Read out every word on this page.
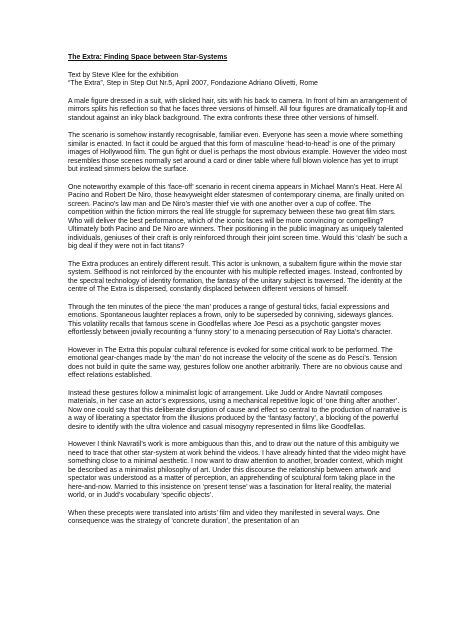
The Extra: Finding Space between Star-Systems
Text by Steve Klee for the exhibition
“The Extra”, Step in Step Out Nr.5, April 2007, Fondazione Adriano Olivetti, Rome

A male figure dressed in a suit, with slicked hair, sits with his back to camera. In front of him an arrangement of mirrors splits his reflection so that he faces three versions of himself. All four figures are dramatically top-lit and standout against an inky black background. The extra confronts these three other versions of himself.

The scenario is somehow instantly recognisable, familiar even. Everyone has seen a movie where something similar is enacted. In fact it could be argued that this form of masculine ‘head-to-head’ is one of the primary images of Hollywood film. The gun fight or duel is perhaps the most obvious example. However the video most resembles those scenes normally set around a card or diner table where full blown violence has yet to irrupt but instead simmers below the surface.

One noteworthy example of this ‘face-off’ scenario in recent cinema appears in Michael Mann’s Heat. Here Al Pacino and Robert De Niro, those heavyweight elder statesmen of contemporary cinema, are finally united on screen. Pacino’s law man and De Niro’s master thief vie with one another over a cup of coffee. The competition within the fiction mirrors the real life struggle for supremacy between these two great film stars. Who will deliver the best performance, which of the iconic faces will be more convincing or compelling? Ultimately both Pacino and De Niro are winners. Their positioning in the public imaginary as uniquely talented individuals, geniuses of their craft is only reinforced through their joint screen time. Would this ‘clash’ be such a big deal if they were not in fact titans?

The Extra produces an entirely different result. This actor is unknown, a subaltern figure within the movie star system. Selfhood is not reinforced by the encounter with his multiple reflected images. Instead, confronted by the spectral technology of identity formation, the fantasy of the unitary subject is traversed. The identity at the centre of The Extra is dispersed, constantly displaced between different versions of himself.

Through the ten minutes of the piece ‘the man’ produces a range of gestural ticks, facial expressions and emotions. Spontaneous laughter replaces a frown, only to be superseded by conniving, sideways glances. This volatility recalls that famous scene in Goodfellas where Joe Pesci as a psychotic gangster moves effortlessly between jovially recounting a ‘funny story’ to a menacing persecution of Ray Liotta’s character.

However in The Extra this popular cultural reference is evoked for some critical work to be performed. The emotional gear-changes made by ‘the man’ do not increase the velocity of the scene as do Pesci’s. Tension does not build in quite the same way, gestures follow one another arbitrarily. There are no obvious cause and effect relations established.

Instead these gestures follow a minimalist logic of arrangement. Like Judd or Andre Navratil composes materials, in her case an actor’s expressions, using a mechanical repetitive logic of ‘one thing after another’. Now one could say that this deliberate disruption of cause and effect so central to the production of narrative is a way of liberating a spectator from the illusions produced by the ‘fantasy factory’, a blocking of the powerful desire to identify with the ultra violence and casual misogyny represented in films like Goodfellas.

However I think Navratil’s work is more ambiguous than this, and to draw out the nature of this ambiguity we need to trace that other star-system at work behind the videos. I have already hinted that the video might have something close to a minimal aesthetic. I now want to draw attention to another, broader context, which might be described as a minimalist philosophy of art. Under this discourse the relationship between artwork and spectator was understood as a matter of perception, an apprehending of sculptural form taking place in the here-and-now. Married to this insistence on ‘present tense’ was a fascination for literal reality, the material world, or in Judd’s vocabulary ‘specific objects’.

When these precepts were translated into artists’ film and video they manifested in several ways. One consequence was the strategy of ‘concrete duration’, the presentation of an
